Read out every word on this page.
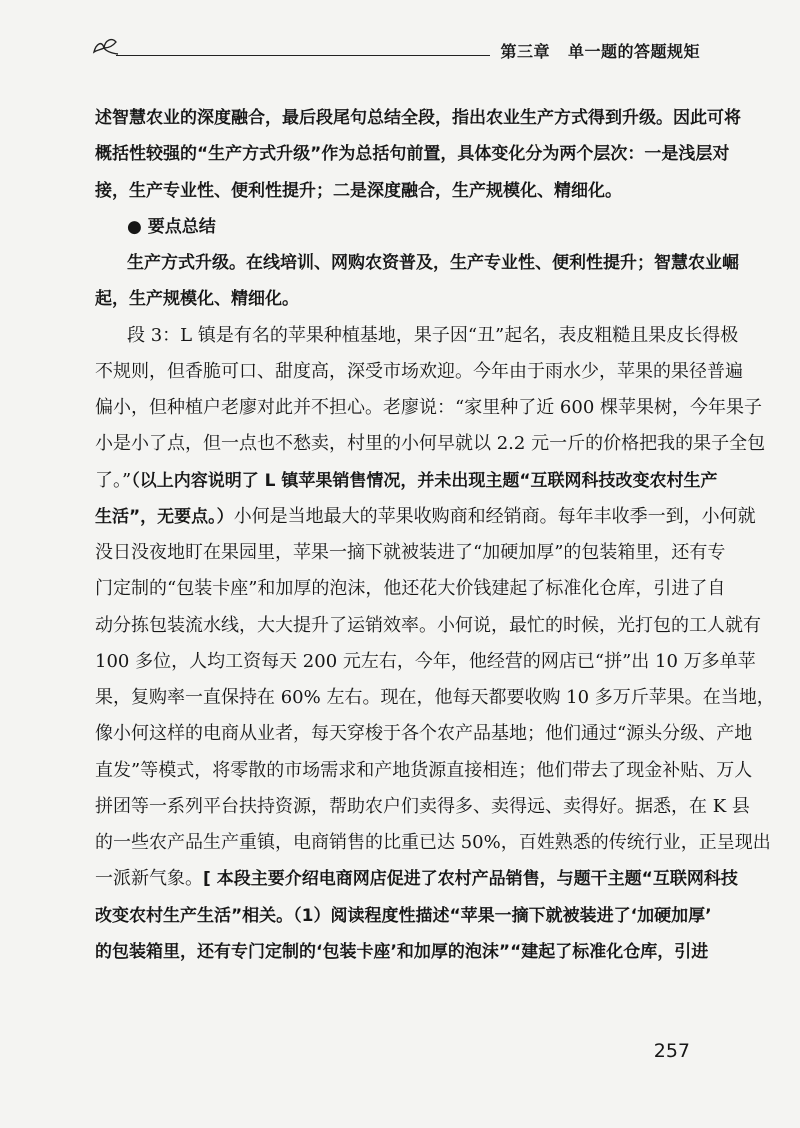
第三章 单一题的答题规矩
述智慧农业的深度融合，最后段尾句总结全段，指出农业生产方式得到升级。因此可将
概括性较强的“生产方式升级”作为总括句前置，具体变化分为两个层次：一是浅层对
接，生产专业性、便利性提升；二是深度融合，生产规模化、精细化。
● 要点总结
生产方式升级。在线培训、网购农资普及，生产专业性、便利性提升；智慧农业崛
起，生产规模化、精细化。
段 3：L 镇是有名的苹果种植基地，果子因“丑”起名，表皮粗糙且果皮长得极
不规则，但香脆可口、甜度高，深受市场欢迎。今年由于雨水少，苹果的果径普遍
偏小，但种植户老廖对此并不担心。老廖说：“家里种了近 600 棵苹果树，今年果子
小是小了点，但一点也不愁卖，村里的小何早就以 2.2 元一斤的价格把我的果子全包
了。”（以上内容说明了 L 镇苹果销售情况，并未出现主题“互联网科技改变农村生产
生活”，无要点。）小何是当地最大的苹果收购商和经销商。每年丰收季一到，小何就
没日没夜地盯在果园里，苹果一摘下就被装进了“加硬加厚”的包装箱里，还有专
门定制的“包装卡座”和加厚的泡沫，他还花大价钱建起了标准化仓库，引进了自
动分拣包装流水线，大大提升了运销效率。小何说，最忙的时候，光打包的工人就有
100 多位，人均工资每天 200 元左右，今年，他经营的网店已“拼”出 10 万多单苹
果，复购率一直保持在 60% 左右。现在，他每天都要收购 10 多万斤苹果。在当地，
像小何这样的电商从业者，每天穿梭于各个农产品基地；他们通过“源头分级、产地
直发”等模式，将零散的市场需求和产地货源直接相连；他们带去了现金补贴、万人
拼团等一系列平台扶持资源，帮助农户们卖得多、卖得远、卖得好。据悉，在 K 县
的一些农产品生产重镇，电商销售的比重已达 50%，百姓熟悉的传统行业，正呈现出
一派新气象。[ 本段主要介绍电商网店促进了农村产品销售，与题干主题“互联网科技
改变农村生产生活”相关。（1）阅读程度性描述“苹果一摘下就被装进了‘加硬加厚’
的包装箱里，还有专门定制的‘包装卡座’和加厚的泡沫”“建起了标准化仓库，引进
257
